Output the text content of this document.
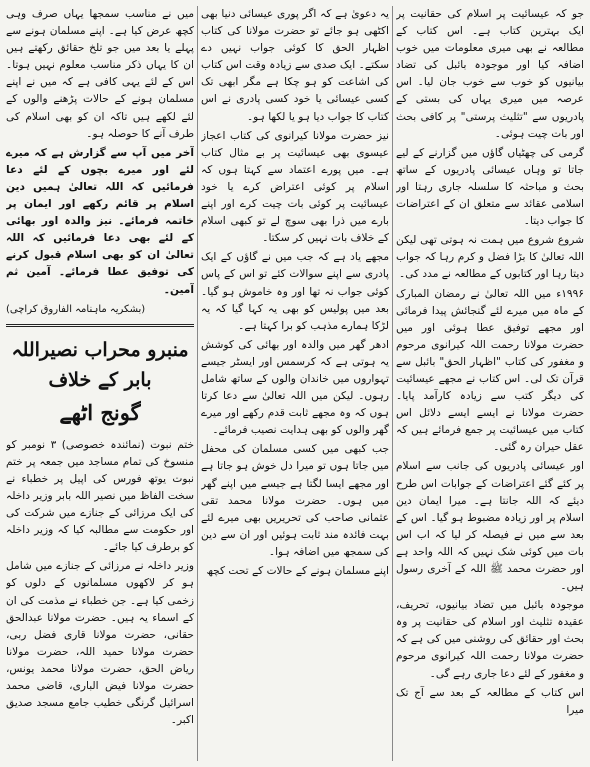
جو کہ عیسائیت پر اسلام کی حقانیت پر ایک بہترین کتاب ہے۔ اس کتاب کے مطالعہ نے بھی میری معلومات میں خوب اضافہ کیا اور موجودہ بائبل کی تضاد بیانیوں کو خوب سے خوب جان لیا۔ اس عرصہ میں میری یہاں کی بستی کے پادریوں سے "تثلیث پرستی" پر کافی بحث اور بات چیت ہوئی۔

گرمی کی چھٹیاں گاؤں میں گزارنے کے لیے جاتا تو وہاں عیسائی پادریوں کے ساتھ بحث و مباحثہ کا سلسلہ جاری رہتا اور اسلامی عقائد سے متعلق ان کے اعتراضات کا جواب دیتا۔

شروع شروع میں ہمت نہ ہوتی تھی لیکن اللہ تعالیٰ کا بڑا فضل و کرم رہا کہ جواب دیتا رہا اور کتابوں کے مطالعہ نے مدد کی۔

۱۹۹۶ء میں اللہ تعالیٰ نے رمضان المبارک کے ماہ میں میرے لئے گنجائش پیدا فرمائی اور مجھے توفیق عطا ہوئی اور میں حضرت مولانا رحمت اللہ کیرانوی مرحوم و مغفور کی کتاب "اظہار الحق" بائبل سے قرآن تک لی۔ اس کتاب نے مجھے عیسائیت کی دیگر کتب سے زیادہ کارآمد پایا۔ حضرت مولانا نے ایسے ایسے دلائل اس کتاب میں عیسائیت پر جمع فرمائے ہیں کہ عقل حیران رہ گئی۔

اور عیسائی پادریوں کی جانب سے اسلام پر کئے گئے اعتراضات کے جوابات اس طرح دیئے کہ اللہ جانتا ہے۔ میرا ایمان دین اسلام پر اور زیادہ مضبوط ہو گیا۔ اس کے بعد سے میں نے فیصلہ کر لیا کہ اب اس بات میں کوئی شک نہیں کہ اللہ واحد ہے اور حضرت محمد ﷺ اللہ کے آخری رسول ہیں۔

موجودہ بائبل میں تضاد بیانیوں، تحریف، عقیدہ تثلیث اور اسلام کی حقانیت پر وہ بحث اور حقائق کی روشنی میں کی ہے کہ حضرت مولانا رحمت اللہ کیرانوی مرحوم و مغفور کے لئے دعا جاری رہے گی۔

اس کتاب کے مطالعہ کے بعد سے آج تک میرا

یہ دعویٰ ہے کہ اگر پوری عیسائی دنیا بھی اکٹھی ہو جائے تو حضرت مولانا کی کتاب اظہار الحق کا کوئی جواب نہیں دے سکتے۔ ایک صدی سے زیادہ وقت اس کتاب کی اشاعت کو ہو چکا ہے مگر ابھی تک کسی عیسائی یا خود کسی پادری نے اس کتاب کا جواب دیا ہو یا لکھا ہو۔

نیز حضرت مولانا کیرانوی کی کتاب اعجاز عیسوی بھی عیسائیت پر بے مثال کتاب ہے۔ میں پورے اعتماد سے کہتا ہوں کہ اسلام پر کوئی اعتراض کرے یا خود عیسائیت پر کوئی بات چیت کرے اور اپنے بارے میں ذرا بھی سوچ لے تو کبھی اسلام کے خلاف بات نہیں کر سکتا۔

مجھے یاد ہے کہ جب میں نے گاؤں کے ایک پادری سے اپنے سوالات کئے تو اس کے پاس کوئی جواب نہ تھا اور وہ خاموش ہو گیا۔ بعد میں پولیس کو بھی یہ کہا گیا کہ یہ لڑکا ہمارے مذہب کو برا کہتا ہے۔

ادھر گھر میں والدہ اور بھائی کی کوشش یہ ہوتی ہے کہ کرسمس اور ایسٹر جیسے تہواروں میں خاندان والوں کے ساتھ شامل رہوں۔ لیکن میں اللہ تعالیٰ سے دعا کرتا ہوں کہ وہ مجھے ثابت قدم رکھے اور میرے گھر والوں کو بھی ہدایت نصیب فرمائے۔

جب کبھی میں کسی مسلمان کی محفل میں جاتا ہوں تو میرا دل خوش ہو جاتا ہے اور مجھے ایسا لگتا ہے جیسے میں اپنے گھر میں ہوں۔ حضرت مولانا محمد تقی عثمانی صاحب کی تحریریں بھی میرے لئے بہت فائدہ مند ثابت ہوئیں اور ان سے دین کی سمجھ میں اضافہ ہوا۔

اپنے مسلمان ہونے کے حالات کے تحت کچھ

میں نے مناسب سمجھا یہاں صرف وہی کچھ عرض کیا ہے۔ اپنے مسلمان ہونے سے پہلے یا بعد میں جو تلخ حقائق رکھتے ہیں ان کا یہاں ذکر مناسب معلوم نہیں ہوتا۔ اس کے لئے یہی کافی ہے کہ میں نے اپنے مسلمان ہونے کے حالات پڑھنے والوں کے لئے لکھے ہیں تاکہ ان کو بھی اسلام کی طرف آنے کا حوصلہ ہو۔

آخر میں آپ سے گزارش ہے کہ میرے لئے اور میرے بچوں کے لئے دعا فرمائیں کہ اللہ تعالیٰ ہمیں دین اسلام پر قائم رکھے اور ایمان پر خاتمہ فرمائے۔ نیز والدہ اور بھائی کے لئے بھی دعا فرمائیں کہ اللہ تعالیٰ ان کو بھی اسلام قبول کرنے کی توفیق عطا فرمائے۔ آمین ثم آمین۔

(بشکریہ ماہنامہ الفاروق کراچی)
منبرو محراب نصیراللہ بابر کے خلاف
گونج اٹھے

ختم نبوت (نمائندہ خصوصی) ۳ نومبر کو منسوخ کی تمام مساجد میں جمعہ پر ختم نبوت یوتھ فورس کی اپیل پر خطباء نے سخت الفاظ میں نصیر اللہ بابر وزیر داخلہ کی ایک مرزائی کے جنازے میں شرکت کی اور حکومت سے مطالبہ کیا کہ وزیر داخلہ کو برطرف کیا جائے۔

وزیر داخلہ نے مرزائی کے جنازے میں شامل ہو کر لاکھوں مسلمانوں کے دلوں کو زخمی کیا ہے۔ جن خطباء نے مذمت کی ان کے اسماء یہ ہیں۔ حضرت مولانا عبدالحق حقانی، حضرت مولانا قاری فضل ربی، حضرت مولانا حمید اللہ، حضرت مولانا ریاض الحق، حضرت مولانا محمد یونس، حضرت مولانا فیض الباری، قاضی محمد اسرائیل گرنگی خطیب جامع مسجد صدیق اکبر۔
